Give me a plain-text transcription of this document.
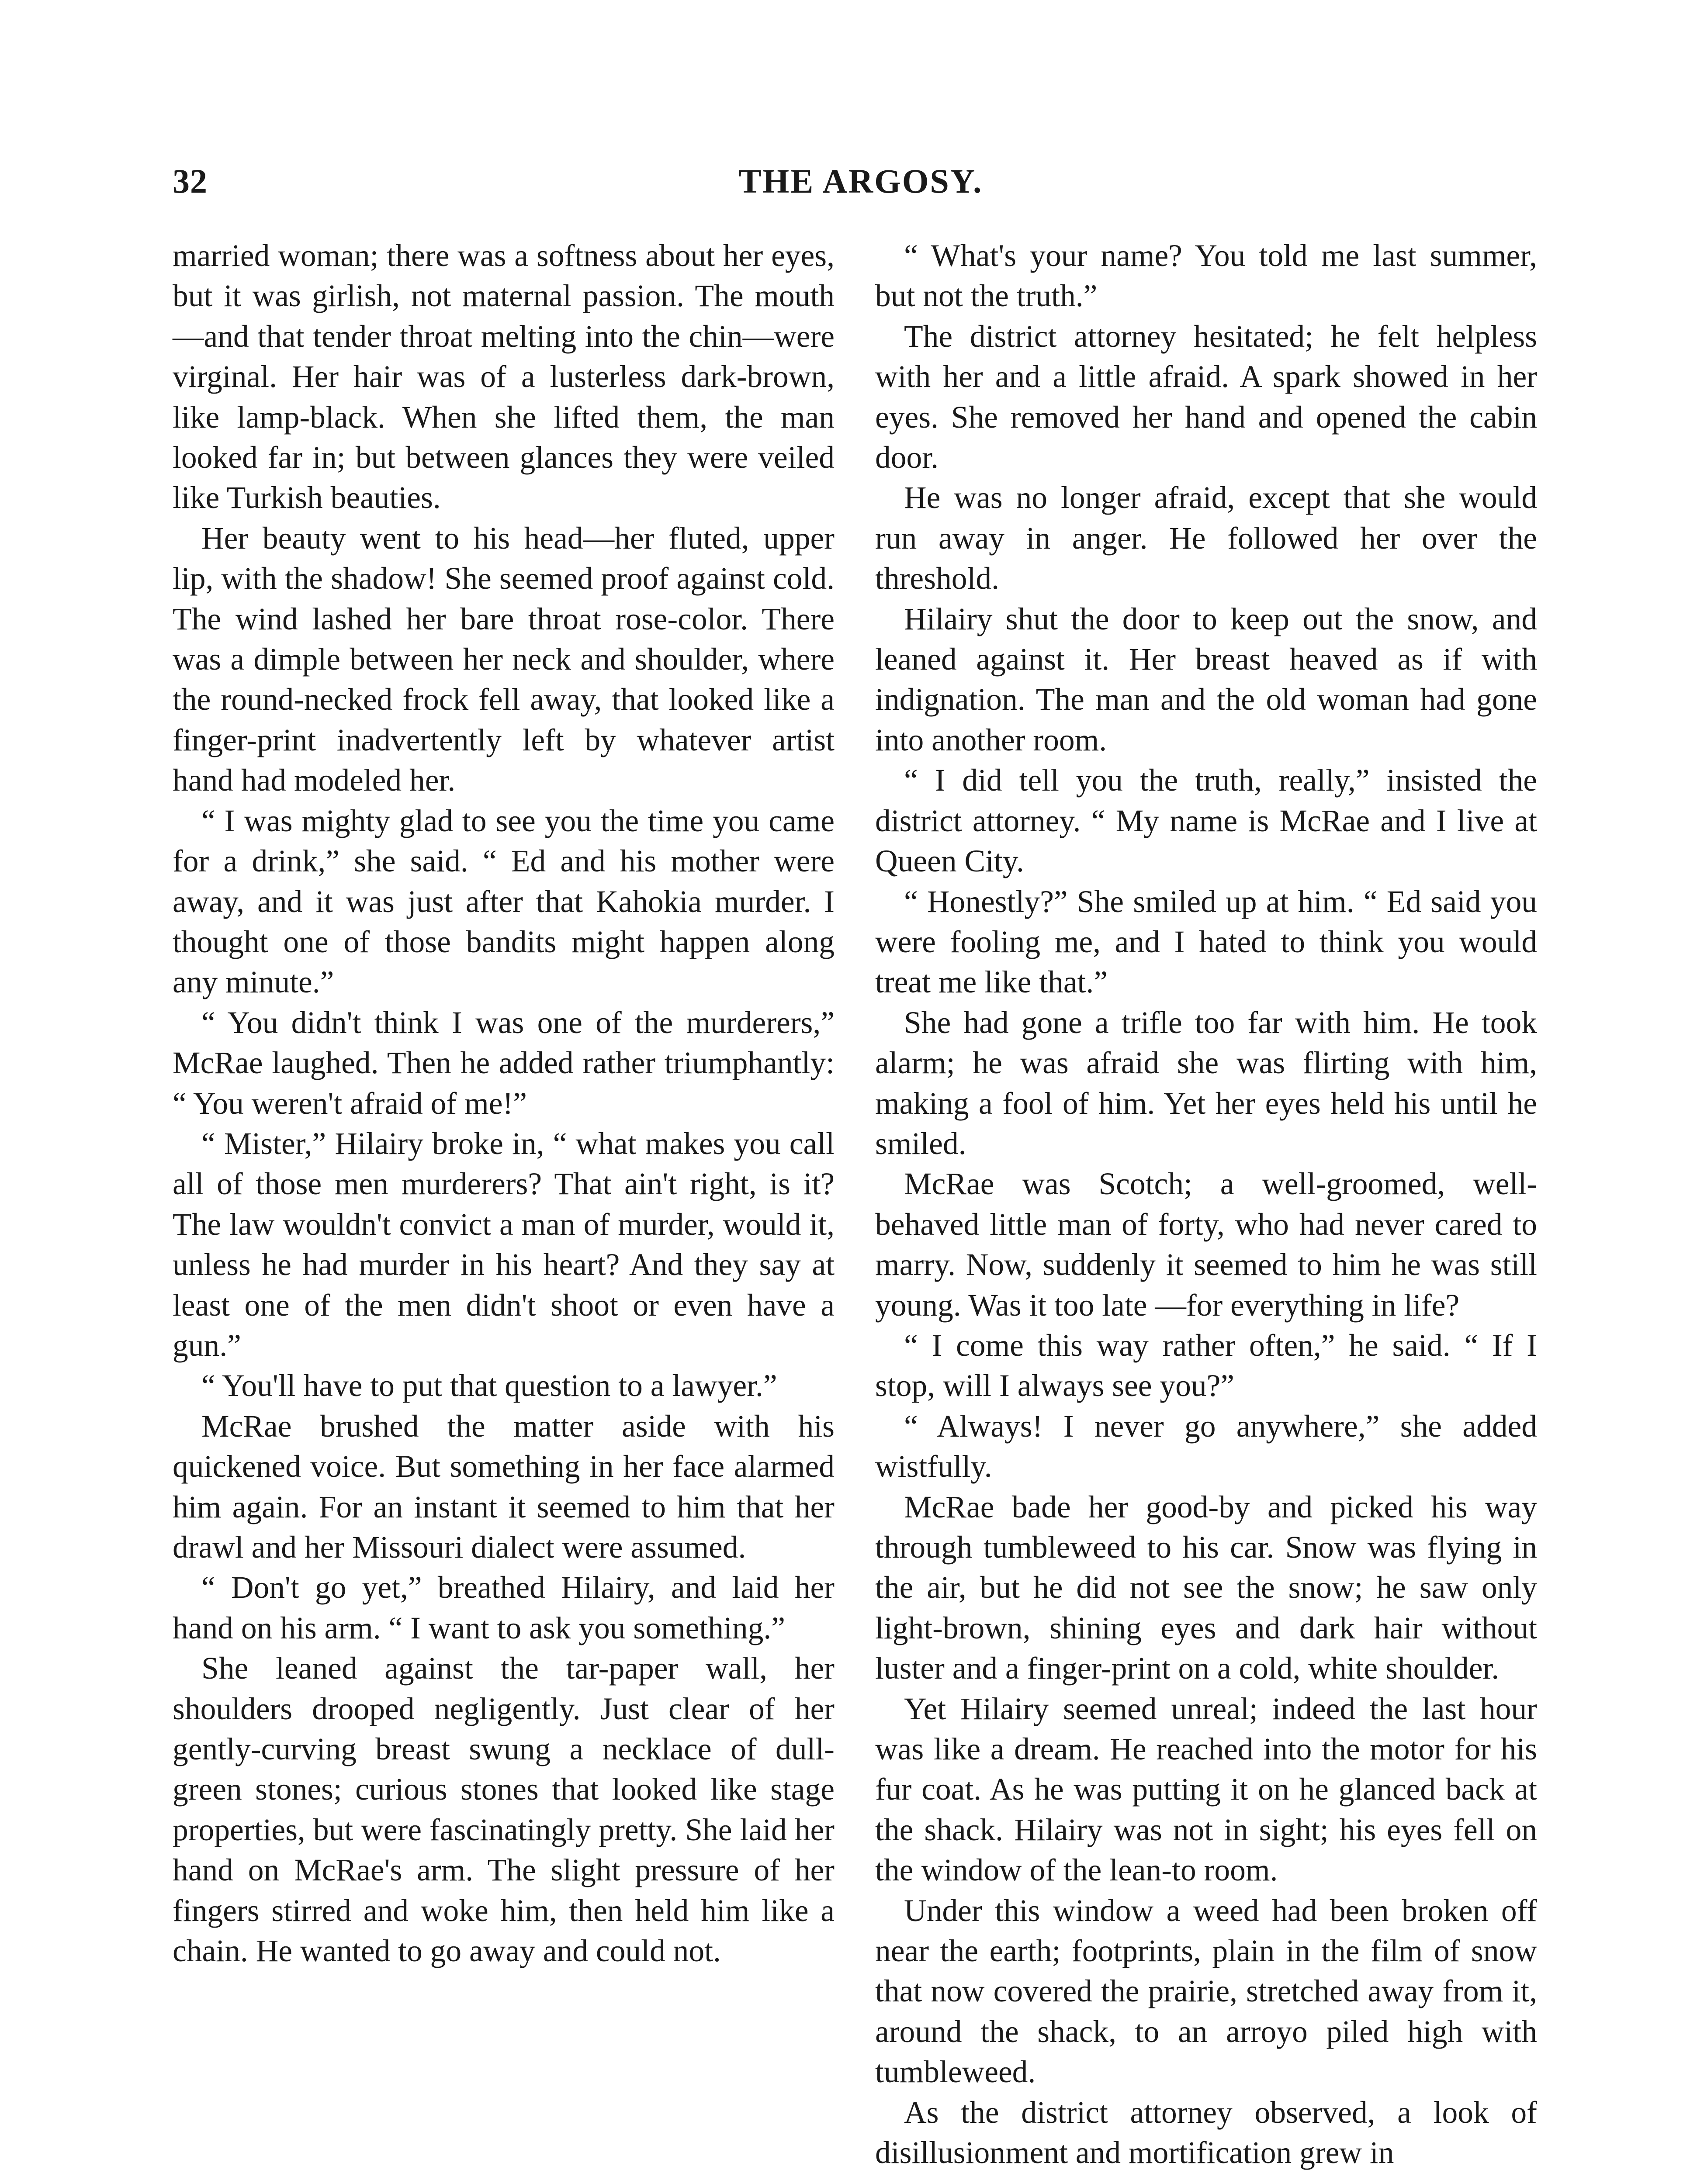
32	THE ARGOSY.

married woman; there was a softness about her eyes, but it was girlish, not maternal passion. The mouth—and that tender throat melting into the chin—were virginal. Her hair was of a lusterless dark-brown, like lamp-black. When she lifted them, the man looked far in; but between glances they were veiled like Turkish beauties.

Her beauty went to his head—her fluted, upper lip, with the shadow! She seemed proof against cold. The wind lashed her bare throat rose-color. There was a dimple between her neck and shoulder, where the round-necked frock fell away, that looked like a finger-print inadvertently left by whatever artist hand had modeled her.

“ I was mighty glad to see you the time you came for a drink,” she said. “ Ed and his mother were away, and it was just after that Kahokia murder. I thought one of those bandits might happen along any minute.”

“ You didn't think I was one of the murderers,” McRae laughed. Then he added rather triumphantly: “ You weren't afraid of me!”

“ Mister,” Hilairy broke in, “ what makes you call all of those men murderers? That ain't right, is it? The law wouldn't convict a man of murder, would it, unless he had murder in his heart? And they say at least one of the men didn't shoot or even have a gun.”

“ You'll have to put that question to a lawyer.”

McRae brushed the matter aside with his quickened voice. But something in her face alarmed him again. For an instant it seemed to him that her drawl and her Missouri dialect were assumed.

“ Don't go yet,” breathed Hilairy, and laid her hand on his arm. “ I want to ask you something.”

She leaned against the tar-paper wall, her shoulders drooped negligently. Just clear of her gently-curving breast swung a necklace of dull-green stones; curious stones that looked like stage properties, but were fascinatingly pretty. She laid her hand on McRae's arm. The slight pressure of her fingers stirred and woke him, then held him like a chain. He wanted to go away and could not.

“ What's your name? You told me last summer, but not the truth.”

The district attorney hesitated; he felt helpless with her and a little afraid. A spark showed in her eyes. She removed her hand and opened the cabin door.

He was no longer afraid, except that she would run away in anger. He followed her over the threshold.

Hilairy shut the door to keep out the snow, and leaned against it. Her breast heaved as if with indignation. The man and the old woman had gone into another room.

“ I did tell you the truth, really,” insisted the district attorney. “ My name is McRae and I live at Queen City.

“ Honestly?” She smiled up at him. “ Ed said you were fooling me, and I hated to think you would treat me like that.”

She had gone a trifle too far with him. He took alarm; he was afraid she was flirting with him, making a fool of him. Yet her eyes held his until he smiled.

McRae was Scotch; a well-groomed, well-behaved little man of forty, who had never cared to marry. Now, suddenly it seemed to him he was still young. Was it too late —for everything in life?

“ I come this way rather often,” he said. “ If I stop, will I always see you?”

“ Always! I never go anywhere,” she added wistfully.

McRae bade her good-by and picked his way through tumbleweed to his car. Snow was flying in the air, but he did not see the snow; he saw only light-brown, shining eyes and dark hair without luster and a finger-print on a cold, white shoulder.

Yet Hilairy seemed unreal; indeed the last hour was like a dream. He reached into the motor for his fur coat. As he was putting it on he glanced back at the shack. Hilairy was not in sight; his eyes fell on the window of the lean-to room.

Under this window a weed had been broken off near the earth; footprints, plain in the film of snow that now covered the prairie, stretched away from it, around the shack, to an arroyo piled high with tumbleweed.

As the district attorney observed, a look of disillusionment and mortification grew in
